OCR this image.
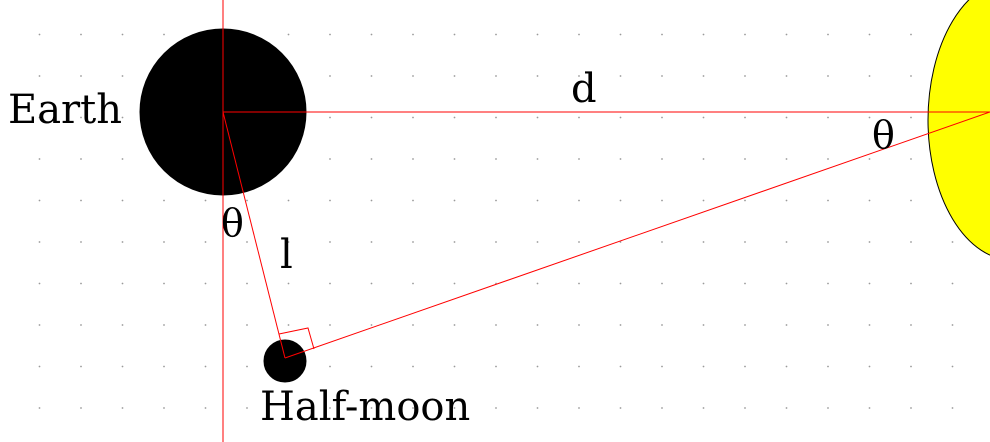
Earth	d
θ
θ
l
Half-moon
